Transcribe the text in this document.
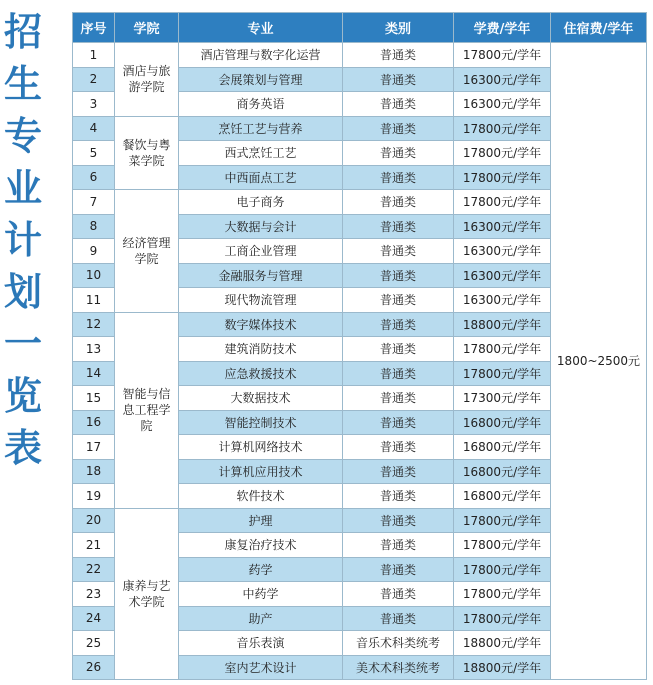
招
生
专
业
计
划
一
览
表
序号	学院	专业	类别	学费/学年	住宿费/学年
1	酒店与旅游学院	酒店管理与数字化运营	普通类	17800元/学年	1800~2500元
2		会展策划与管理	普通类	16300元/学年	
3		商务英语	普通类	16300元/学年	
4	餐饮与粤菜学院	烹饪工艺与营养	普通类	17800元/学年	
5		西式烹饪工艺	普通类	17800元/学年	
6		中西面点工艺	普通类	17800元/学年	
7	经济管理学院	电子商务	普通类	17800元/学年	
8		大数据与会计	普通类	16300元/学年	
9		工商企业管理	普通类	16300元/学年	
10		金融服务与管理	普通类	16300元/学年	
11		现代物流管理	普通类	16300元/学年	
12	智能与信息工程学院	数字媒体技术	普通类	18800元/学年	
13		建筑消防技术	普通类	17800元/学年	
14		应急救援技术	普通类	17800元/学年	
15		大数据技术	普通类	17300元/学年	
16		智能控制技术	普通类	16800元/学年	
17		计算机网络技术	普通类	16800元/学年	
18		计算机应用技术	普通类	16800元/学年	
19		软件技术	普通类	16800元/学年	
20	康养与艺术学院	护理	普通类	17800元/学年	
21		康复治疗技术	普通类	17800元/学年	
22		药学	普通类	17800元/学年	
23		中药学	普通类	17800元/学年	
24		助产	普通类	17800元/学年	
25		音乐表演	音乐术科类统考	18800元/学年	
26		室内艺术设计	美术术科类统考	18800元/学年	
